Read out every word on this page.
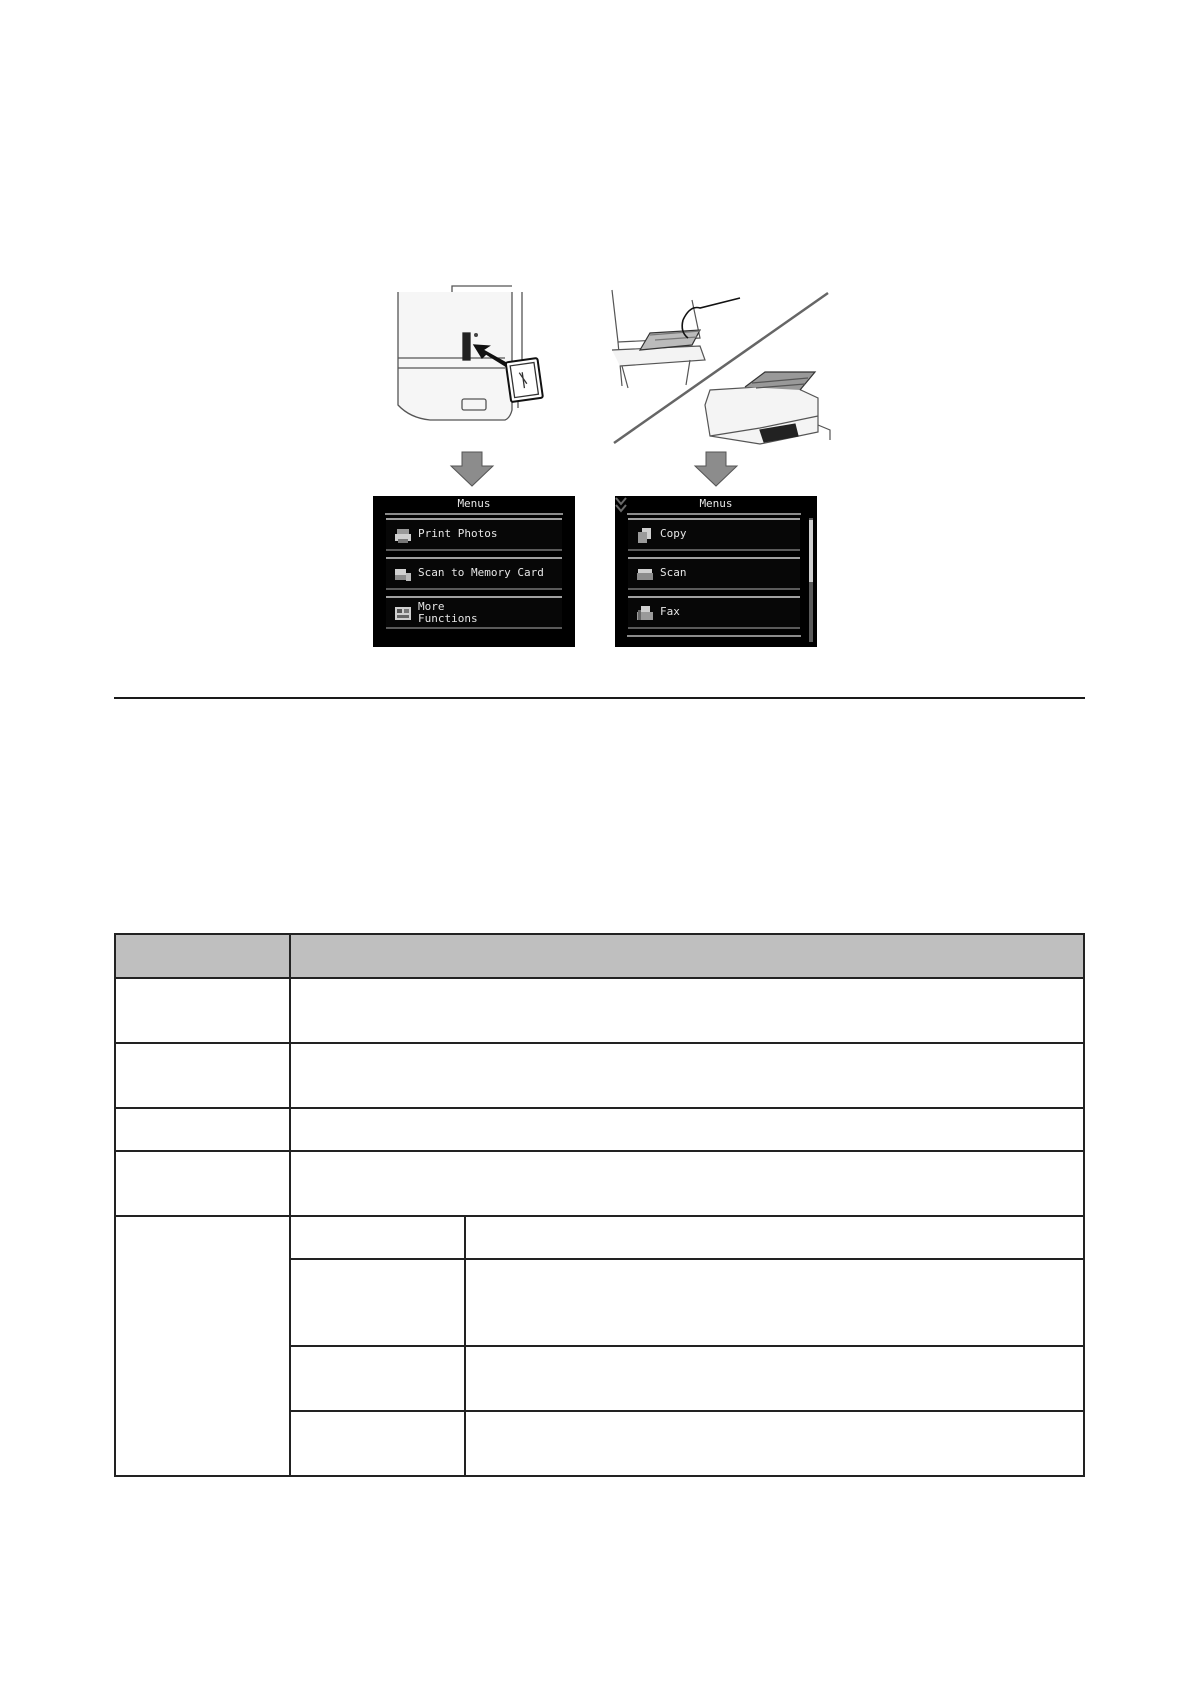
Menus
Print Photos
Scan to Memory Card
More
Functions
Menus
Copy
Scan
Fax
